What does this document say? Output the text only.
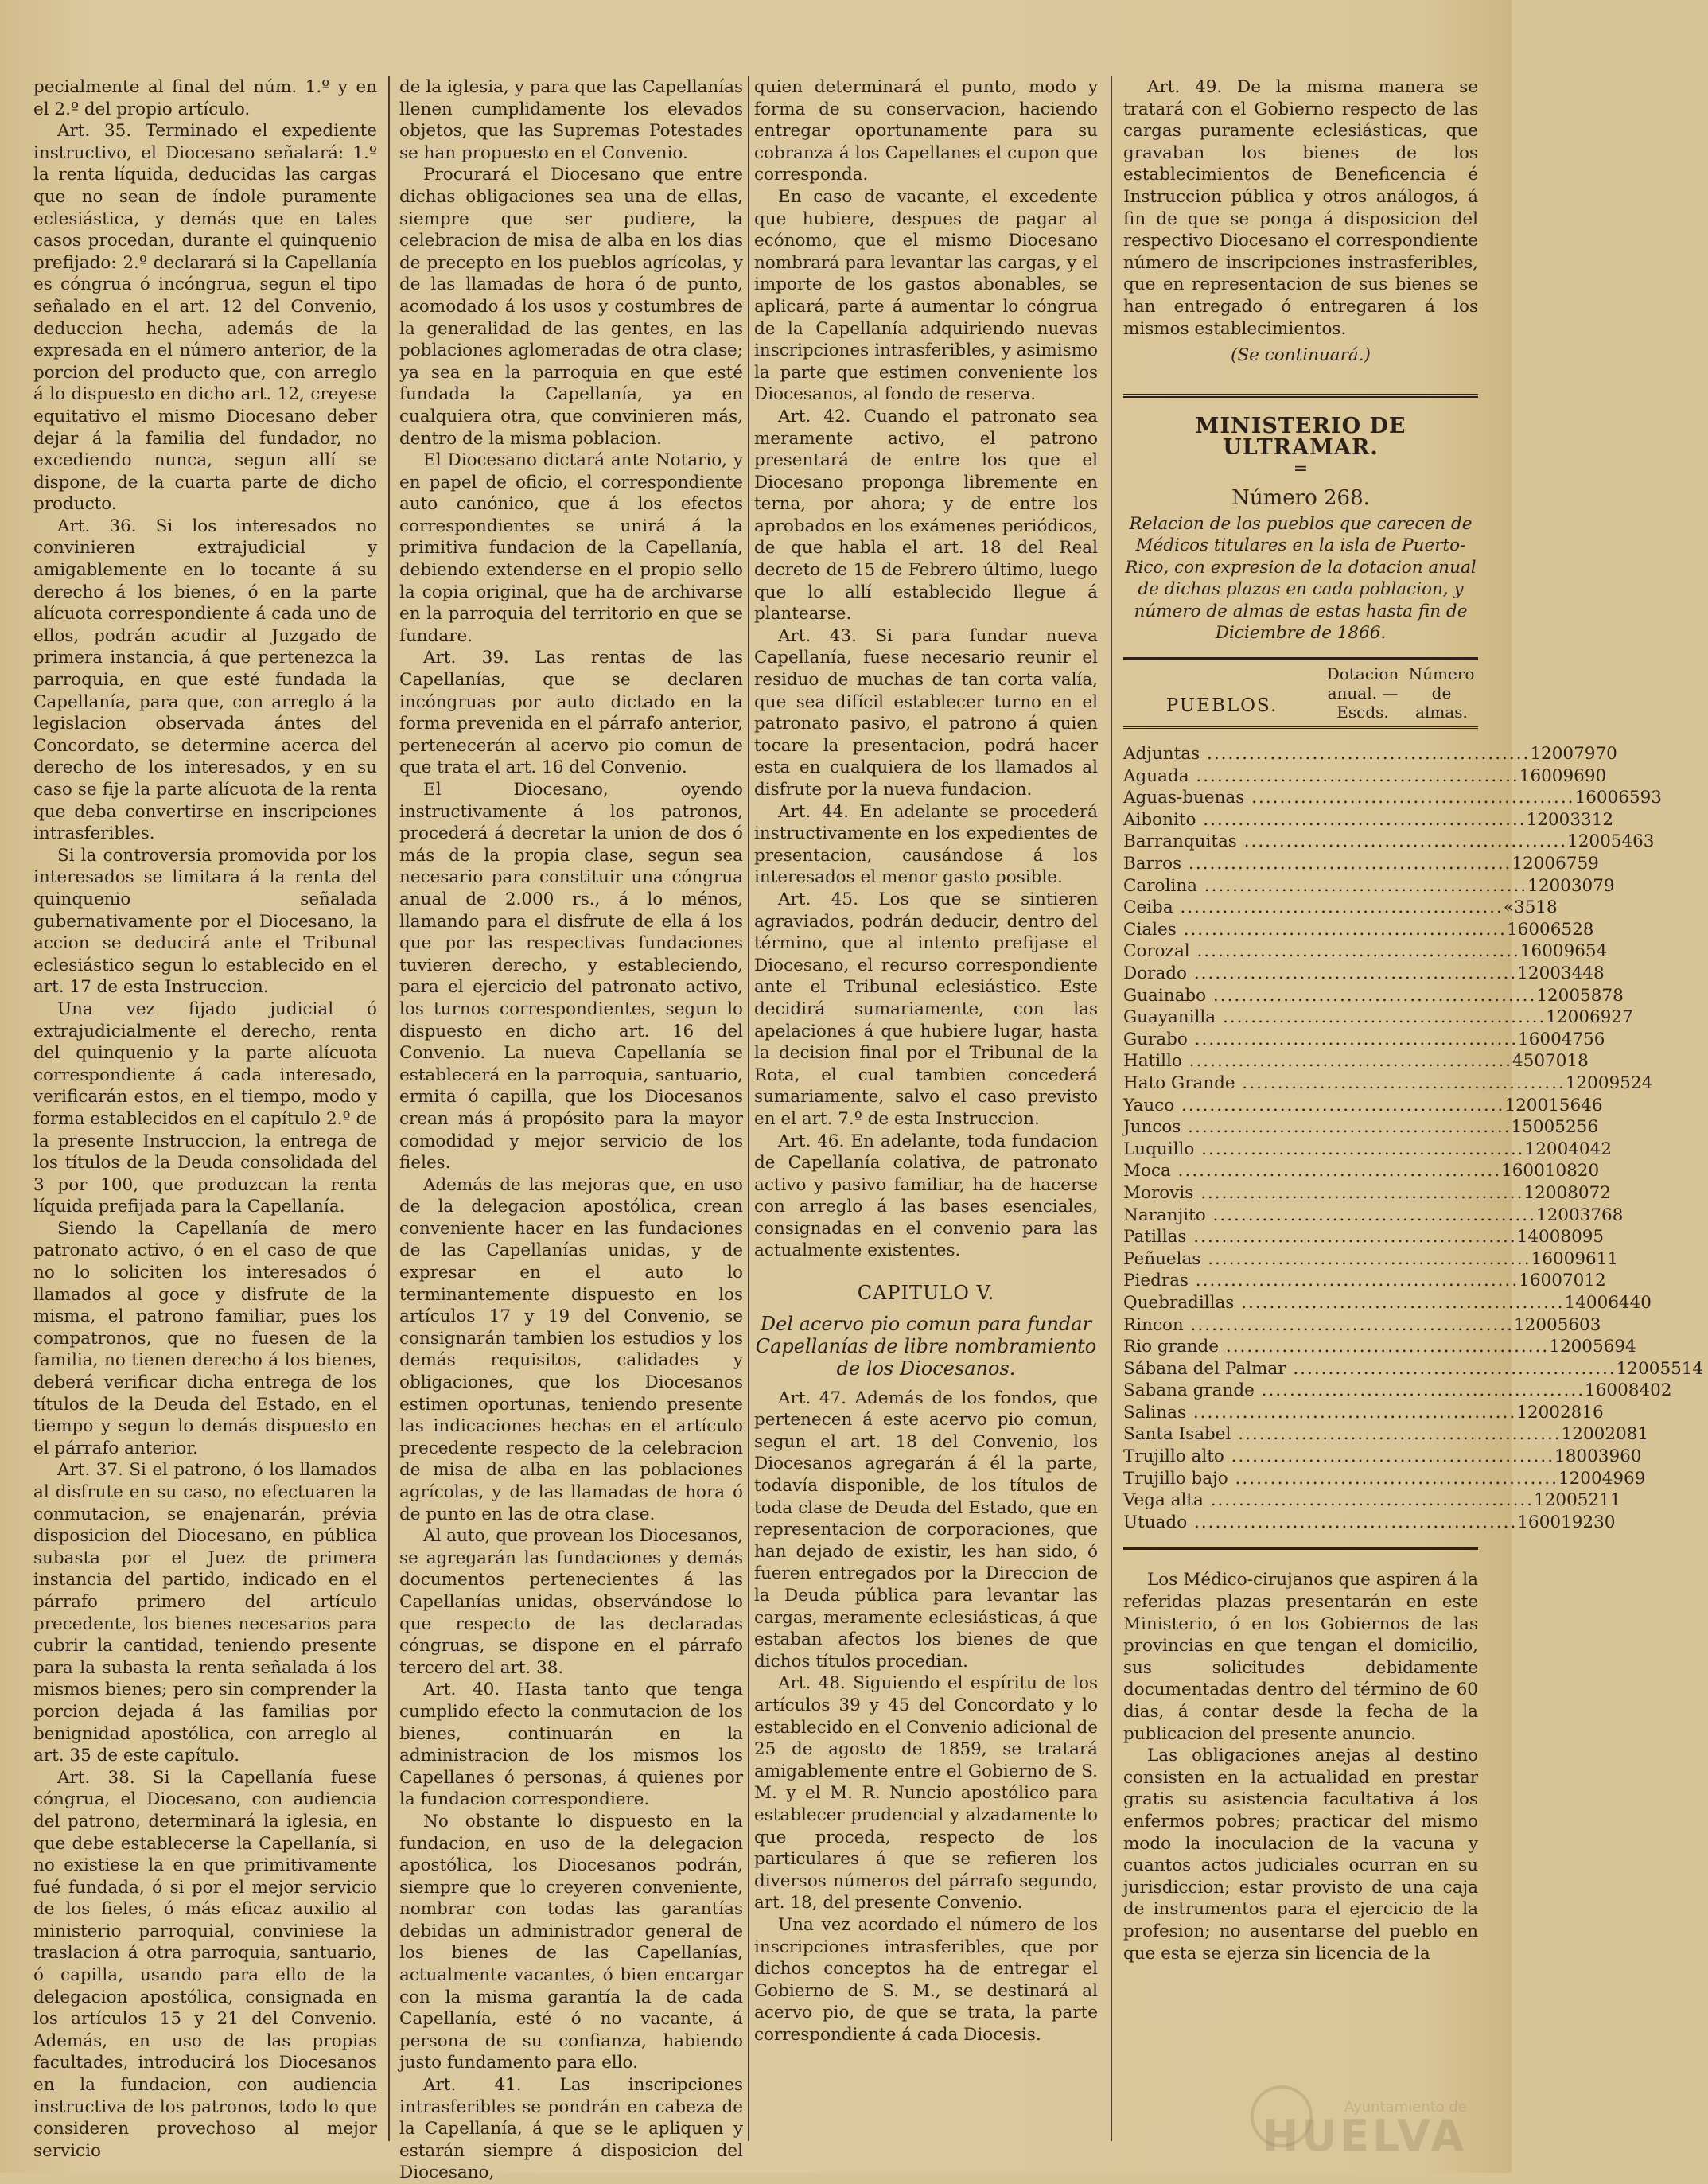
pecialmente al final del núm. 1.º y en el 2.º del propio artículo.

Art. 35. Terminado el expediente instructivo, el Diocesano señalará: 1.º la renta líquida, deducidas las cargas que no sean de índole puramente eclesiástica, y demás que en tales casos procedan, durante el quinquenio prefijado: 2.º declarará si la Capellanía es cóngrua ó incóngrua, segun el tipo señalado en el art. 12 del Convenio, deduccion hecha, además de la expresada en el número anterior, de la porcion del producto que, con arreglo á lo dispuesto en dicho art. 12, creyese equitativo el mismo Diocesano deber dejar á la familia del fundador, no excediendo nunca, segun allí se dispone, de la cuarta parte de dicho producto.

Art. 36. Si los interesados no convinieren extrajudicial y amigablemente en lo tocante á su derecho á los bienes, ó en la parte alícuota correspondiente á cada uno de ellos, podrán acudir al Juzgado de primera instancia, á que pertenezca la parroquia, en que esté fundada la Capellanía, para que, con arreglo á la legislacion observada ántes del Concordato, se determine acerca del derecho de los interesados, y en su caso se fije la parte alícuota de la renta que deba convertirse en inscripciones intrasferibles.

Si la controversia promovida por los interesados se limitara á la renta del quinquenio señalada gubernativamente por el Diocesano, la accion se deducirá ante el Tribunal eclesiástico segun lo establecido en el art. 17 de esta Instruccion.

Una vez fijado judicial ó extrajudicialmente el derecho, renta del quinquenio y la parte alícuota correspondiente á cada interesado, verificarán estos, en el tiempo, modo y forma establecidos en el capítulo 2.º de la presente Instruccion, la entrega de los títulos de la Deuda consolidada del 3 por 100, que produzcan la renta líquida prefijada para la Capellanía.

Siendo la Capellanía de mero patronato activo, ó en el caso de que no lo soliciten los interesados ó llamados al goce y disfrute de la misma, el patrono familiar, pues los compatronos, que no fuesen de la familia, no tienen derecho á los bienes, deberá verificar dicha entrega de los títulos de la Deuda del Estado, en el tiempo y segun lo demás dispuesto en el párrafo anterior.

Art. 37. Si el patrono, ó los llamados al disfrute en su caso, no efectuaren la conmutacion, se enajenarán, prévia disposicion del Diocesano, en pública subasta por el Juez de primera instancia del partido, indicado en el párrafo primero del artículo precedente, los bienes necesarios para cubrir la cantidad, teniendo presente para la subasta la renta señalada á los mismos bienes; pero sin comprender la porcion dejada á las familias por benignidad apostólica, con arreglo al art. 35 de este capítulo.

Art. 38. Si la Capellanía fuese cóngrua, el Diocesano, con audiencia del patrono, determinará la iglesia, en que debe establecerse la Capellanía, si no existiese la en que primitivamente fué fundada, ó si por el mejor servicio de los fieles, ó más eficaz auxilio al ministerio parroquial, conviniese la traslacion á otra parroquia, santuario, ó capilla, usando para ello de la delegacion apostólica, consignada en los artículos 15 y 21 del Convenio. Además, en uso de las propias facultades, introducirá los Diocesanos en la fundacion, con audiencia instructiva de los patronos, todo lo que consideren provechoso al mejor servicio

de la iglesia, y para que las Capellanías llenen cumplidamente los elevados objetos, que las Supremas Potestades se han propuesto en el Convenio.

Procurará el Diocesano que entre dichas obligaciones sea una de ellas, siempre que ser pudiere, la celebracion de misa de alba en los dias de precepto en los pueblos agrícolas, y de las llamadas de hora ó de punto, acomodado á los usos y costumbres de la generalidad de las gentes, en las poblaciones aglomeradas de otra clase; ya sea en la parroquia en que esté fundada la Capellanía, ya en cualquiera otra, que convinieren más, dentro de la misma poblacion.

El Diocesano dictará ante Notario, y en papel de oficio, el correspondiente auto canónico, que á los efectos correspondientes se unirá á la primitiva fundacion de la Capellanía, debiendo extenderse en el propio sello la copia original, que ha de archivarse en la parroquia del territorio en que se fundare.

Art. 39. Las rentas de las Capellanías, que se declaren incóngruas por auto dictado en la forma prevenida en el párrafo anterior, pertenecerán al acervo pio comun de que trata el art. 16 del Convenio.

El Diocesano, oyendo instructivamente á los patronos, procederá á decretar la union de dos ó más de la propia clase, segun sea necesario para constituir una cóngrua anual de 2.000 rs., á lo ménos, llamando para el disfrute de ella á los que por las respectivas fundaciones tuvieren derecho, y estableciendo, para el ejercicio del patronato activo, los turnos correspondientes, segun lo dispuesto en dicho art. 16 del Convenio. La nueva Capellanía se establecerá en la parroquia, santuario, ermita ó capilla, que los Diocesanos crean más á propósito para la mayor comodidad y mejor servicio de los fieles.

Además de las mejoras que, en uso de la delegacion apostólica, crean conveniente hacer en las fundaciones de las Capellanías unidas, y de expresar en el auto lo terminantemente dispuesto en los artículos 17 y 19 del Convenio, se consignarán tambien los estudios y los demás requisitos, calidades y obligaciones, que los Diocesanos estimen oportunas, teniendo presente las indicaciones hechas en el artículo precedente respecto de la celebracion de misa de alba en las poblaciones agrícolas, y de las llamadas de hora ó de punto en las de otra clase.

Al auto, que provean los Diocesanos, se agregarán las fundaciones y demás documentos pertenecientes á las Capellanías unidas, observándose lo que respecto de las declaradas cóngruas, se dispone en el párrafo tercero del art. 38.

Art. 40. Hasta tanto que tenga cumplido efecto la conmutacion de los bienes, continuarán en la administracion de los mismos los Capellanes ó personas, á quienes por la fundacion correspondiere.

No obstante lo dispuesto en la fundacion, en uso de la delegacion apostólica, los Diocesanos podrán, siempre que lo creyeren conveniente, nombrar con todas las garantías debidas un administrador general de los bienes de las Capellanías, actualmente vacantes, ó bien encargar con la misma garantía la de cada Capellanía, esté ó no vacante, á persona de su confianza, habiendo justo fundamento para ello.

Art. 41. Las inscripciones intrasferibles se pondrán en cabeza de la Capellanía, á que se le apliquen y estarán siempre á disposicion del Diocesano,

quien determinará el punto, modo y forma de su conservacion, haciendo entregar oportunamente para su cobranza á los Capellanes el cupon que corresponda.

En caso de vacante, el excedente que hubiere, despues de pagar al ecónomo, que el mismo Diocesano nombrará para levantar las cargas, y el importe de los gastos abonables, se aplicará, parte á aumentar lo cóngrua de la Capellanía adquiriendo nuevas inscripciones intrasferibles, y asimismo la parte que estimen conveniente los Diocesanos, al fondo de reserva.

Art. 42. Cuando el patronato sea meramente activo, el patrono presentará de entre los que el Diocesano proponga libremente en terna, por ahora; y de entre los aprobados en los exámenes periódicos, de que habla el art. 18 del Real decreto de 15 de Febrero último, luego que lo allí establecido llegue á plantearse.

Art. 43. Si para fundar nueva Capellanía, fuese necesario reunir el residuo de muchas de tan corta valía, que sea difícil establecer turno en el patronato pasivo, el patrono á quien tocare la presentacion, podrá hacer esta en cualquiera de los llamados al disfrute por la nueva fundacion.

Art. 44. En adelante se procederá instructivamente en los expedientes de presentacion, causándose á los interesados el menor gasto posible.

Art. 45. Los que se sintieren agraviados, podrán deducir, dentro del término, que al intento prefijase el Diocesano, el recurso correspondiente ante el Tribunal eclesiástico. Este decidirá sumariamente, con las apelaciones á que hubiere lugar, hasta la decision final por el Tribunal de la Rota, el cual tambien concederá sumariamente, salvo el caso previsto en el art. 7.º de esta Instruccion.

Art. 46. En adelante, toda fundacion de Capellanía colativa, de patronato activo y pasivo familiar, ha de hacerse con arreglo á las bases esenciales, consignadas en el convenio para las actualmente existentes.

CAPITULO V.
Del acervo pio comun para fundar Capellanías de libre nombramiento de los Diocesanos.

Art. 47. Además de los fondos, que pertenecen á este acervo pio comun, segun el art. 18 del Convenio, los Diocesanos agregarán á él la parte, todavía disponible, de los títulos de toda clase de Deuda del Estado, que en representacion de corporaciones, que han dejado de existir, les han sido, ó fueren entregados por la Direccion de la Deuda pública para levantar las cargas, meramente eclesiásticas, á que estaban afectos los bienes de que dichos títulos procedian.

Art. 48. Siguiendo el espíritu de los artículos 39 y 45 del Concordato y lo establecido en el Convenio adicional de 25 de agosto de 1859, se tratará amigablemente entre el Gobierno de S. M. y el M. R. Nuncio apostólico para establecer prudencial y alzadamente lo que proceda, respecto de los particulares á que se refieren los diversos números del párrafo segundo, art. 18, del presente Convenio.

Una vez acordado el número de los inscripciones intrasferibles, que por dichos conceptos ha de entregar el Gobierno de S. M., se destinará al acervo pio, de que se trata, la parte correspondiente á cada Diocesis.

Art. 49. De la misma manera se tratará con el Gobierno respecto de las cargas puramente eclesiásticas, que gravaban los bienes de los establecimientos de Beneficencia é Instruccion pública y otros análogos, á fin de que se ponga á disposicion del respectivo Diocesano el correspondiente número de inscripciones instrasferibles, que en representacion de sus bienes se han entregado ó entregaren á los mismos establecimientos.

(Se continuará.)

MINISTERIO DE ULTRAMAR.
=
Número 268.

Relacion de los pueblos que carecen de Médicos titulares en la isla de Puerto-Rico, con expresion de la dotacion anual de dichas plazas en cada poblacion, y número de almas de estas hasta fin de Diciembre de 1866.

PUEBLOS.
Dotacion anual. — Escds.
Número de almas.
Adjuntas .....	1200 7970
Aguada .....	1600 9690
Aguas-buenas .....	1600 6593
Aibonito .....	1200 3312
Barranquitas .....	1200 5463
Barros .....	1200 6759
Carolina .....	1200 3079
Ceiba .....	« 3518
Ciales .....	1600 6528
Corozal .....	1600 9654
Dorado .....	1200 3448
Guainabo .....	1200 5878
Guayanilla .....	1200 6927
Gurabo .....	1600 4756
Hatillo .....	450 7018
Hato Grande .....	1200 9524
Yauco .....	1200 15646
Juncos .....	1500 5256
Luquillo .....	1200 4042
Moca .....	1600 10820
Morovis .....	1200 8072
Naranjito .....	1200 3768
Patillas .....	1400 8095
Peñuelas .....	1600 9611
Piedras .....	1600 7012
Quebradillas .....	1400 6440
Rincon .....	1200 5603
Rio grande .....	1200 5694
Sábana del Palmar .....	1200 5514
Sabana grande .....	1600 8402
Salinas .....	1200 2816
Santa Isabel .....	1200 2081
Trujillo alto .....	1800 3960
Trujillo bajo .....	1200 4969
Vega alta .....	1200 5211
Utuado .....	1600 19230

Los Médico-cirujanos que aspiren á la referidas plazas presentarán en este Ministerio, ó en los Gobiernos de las provincias en que tengan el domicilio, sus solicitudes debidamente documentadas dentro del término de 60 dias, á contar desde la fecha de la publicacion del presente anuncio.

Las obligaciones anejas al destino consisten en la actualidad en prestar gratis su asistencia facultativa á los enfermos pobres; practicar del mismo modo la inoculacion de la vacuna y cuantos actos judiciales ocurran en su jurisdiccion; estar provisto de una caja de instrumentos para el ejercicio de la profesion; no ausentarse del pueblo en que esta se ejerza sin licencia de la

Ayuntamiento de
HUELVA
